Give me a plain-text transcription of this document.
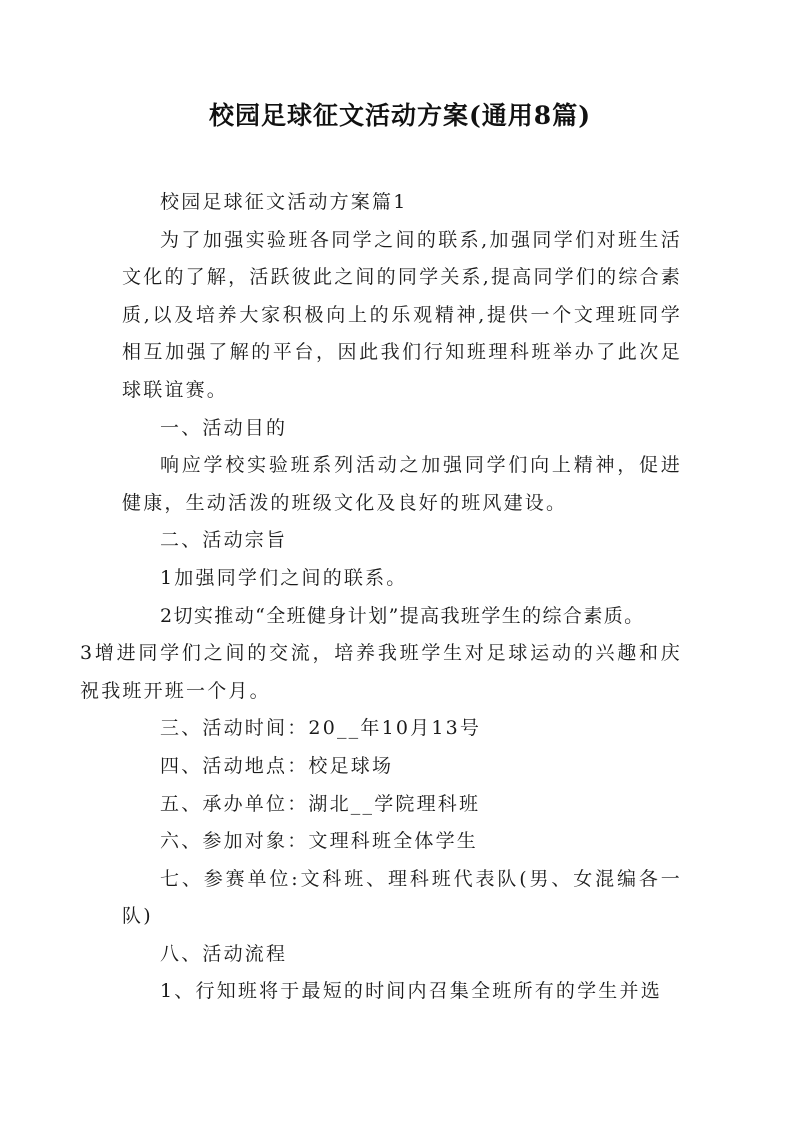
校园足球征文活动方案(通用8篇)

校园足球征文活动方案篇1

为了加强实验班各同学之间的联系,加强同学们对班生活文化的了解，活跃彼此之间的同学关系,提高同学们的综合素质,以及培养大家积极向上的乐观精神,提供一个文理班同学相互加强了解的平台，因此我们行知班理科班举办了此次足球联谊赛。

一、活动目的

响应学校实验班系列活动之加强同学们向上精神，促进健康，生动活泼的班级文化及良好的班风建设。

二、活动宗旨

1加强同学们之间的联系。

2切实推动“全班健身计划”提高我班学生的综合素质。

3增进同学们之间的交流，培养我班学生对足球运动的兴趣和庆祝我班开班一个月。

三、活动时间：20__年10月13号

四、活动地点：校足球场

五、承办单位：湖北__学院理科班

六、参加对象：文理科班全体学生

七、参赛单位:文科班、理科班代表队(男、女混编各一队)

八、活动流程

1、行知班将于最短的时间内召集全班所有的学生并选
